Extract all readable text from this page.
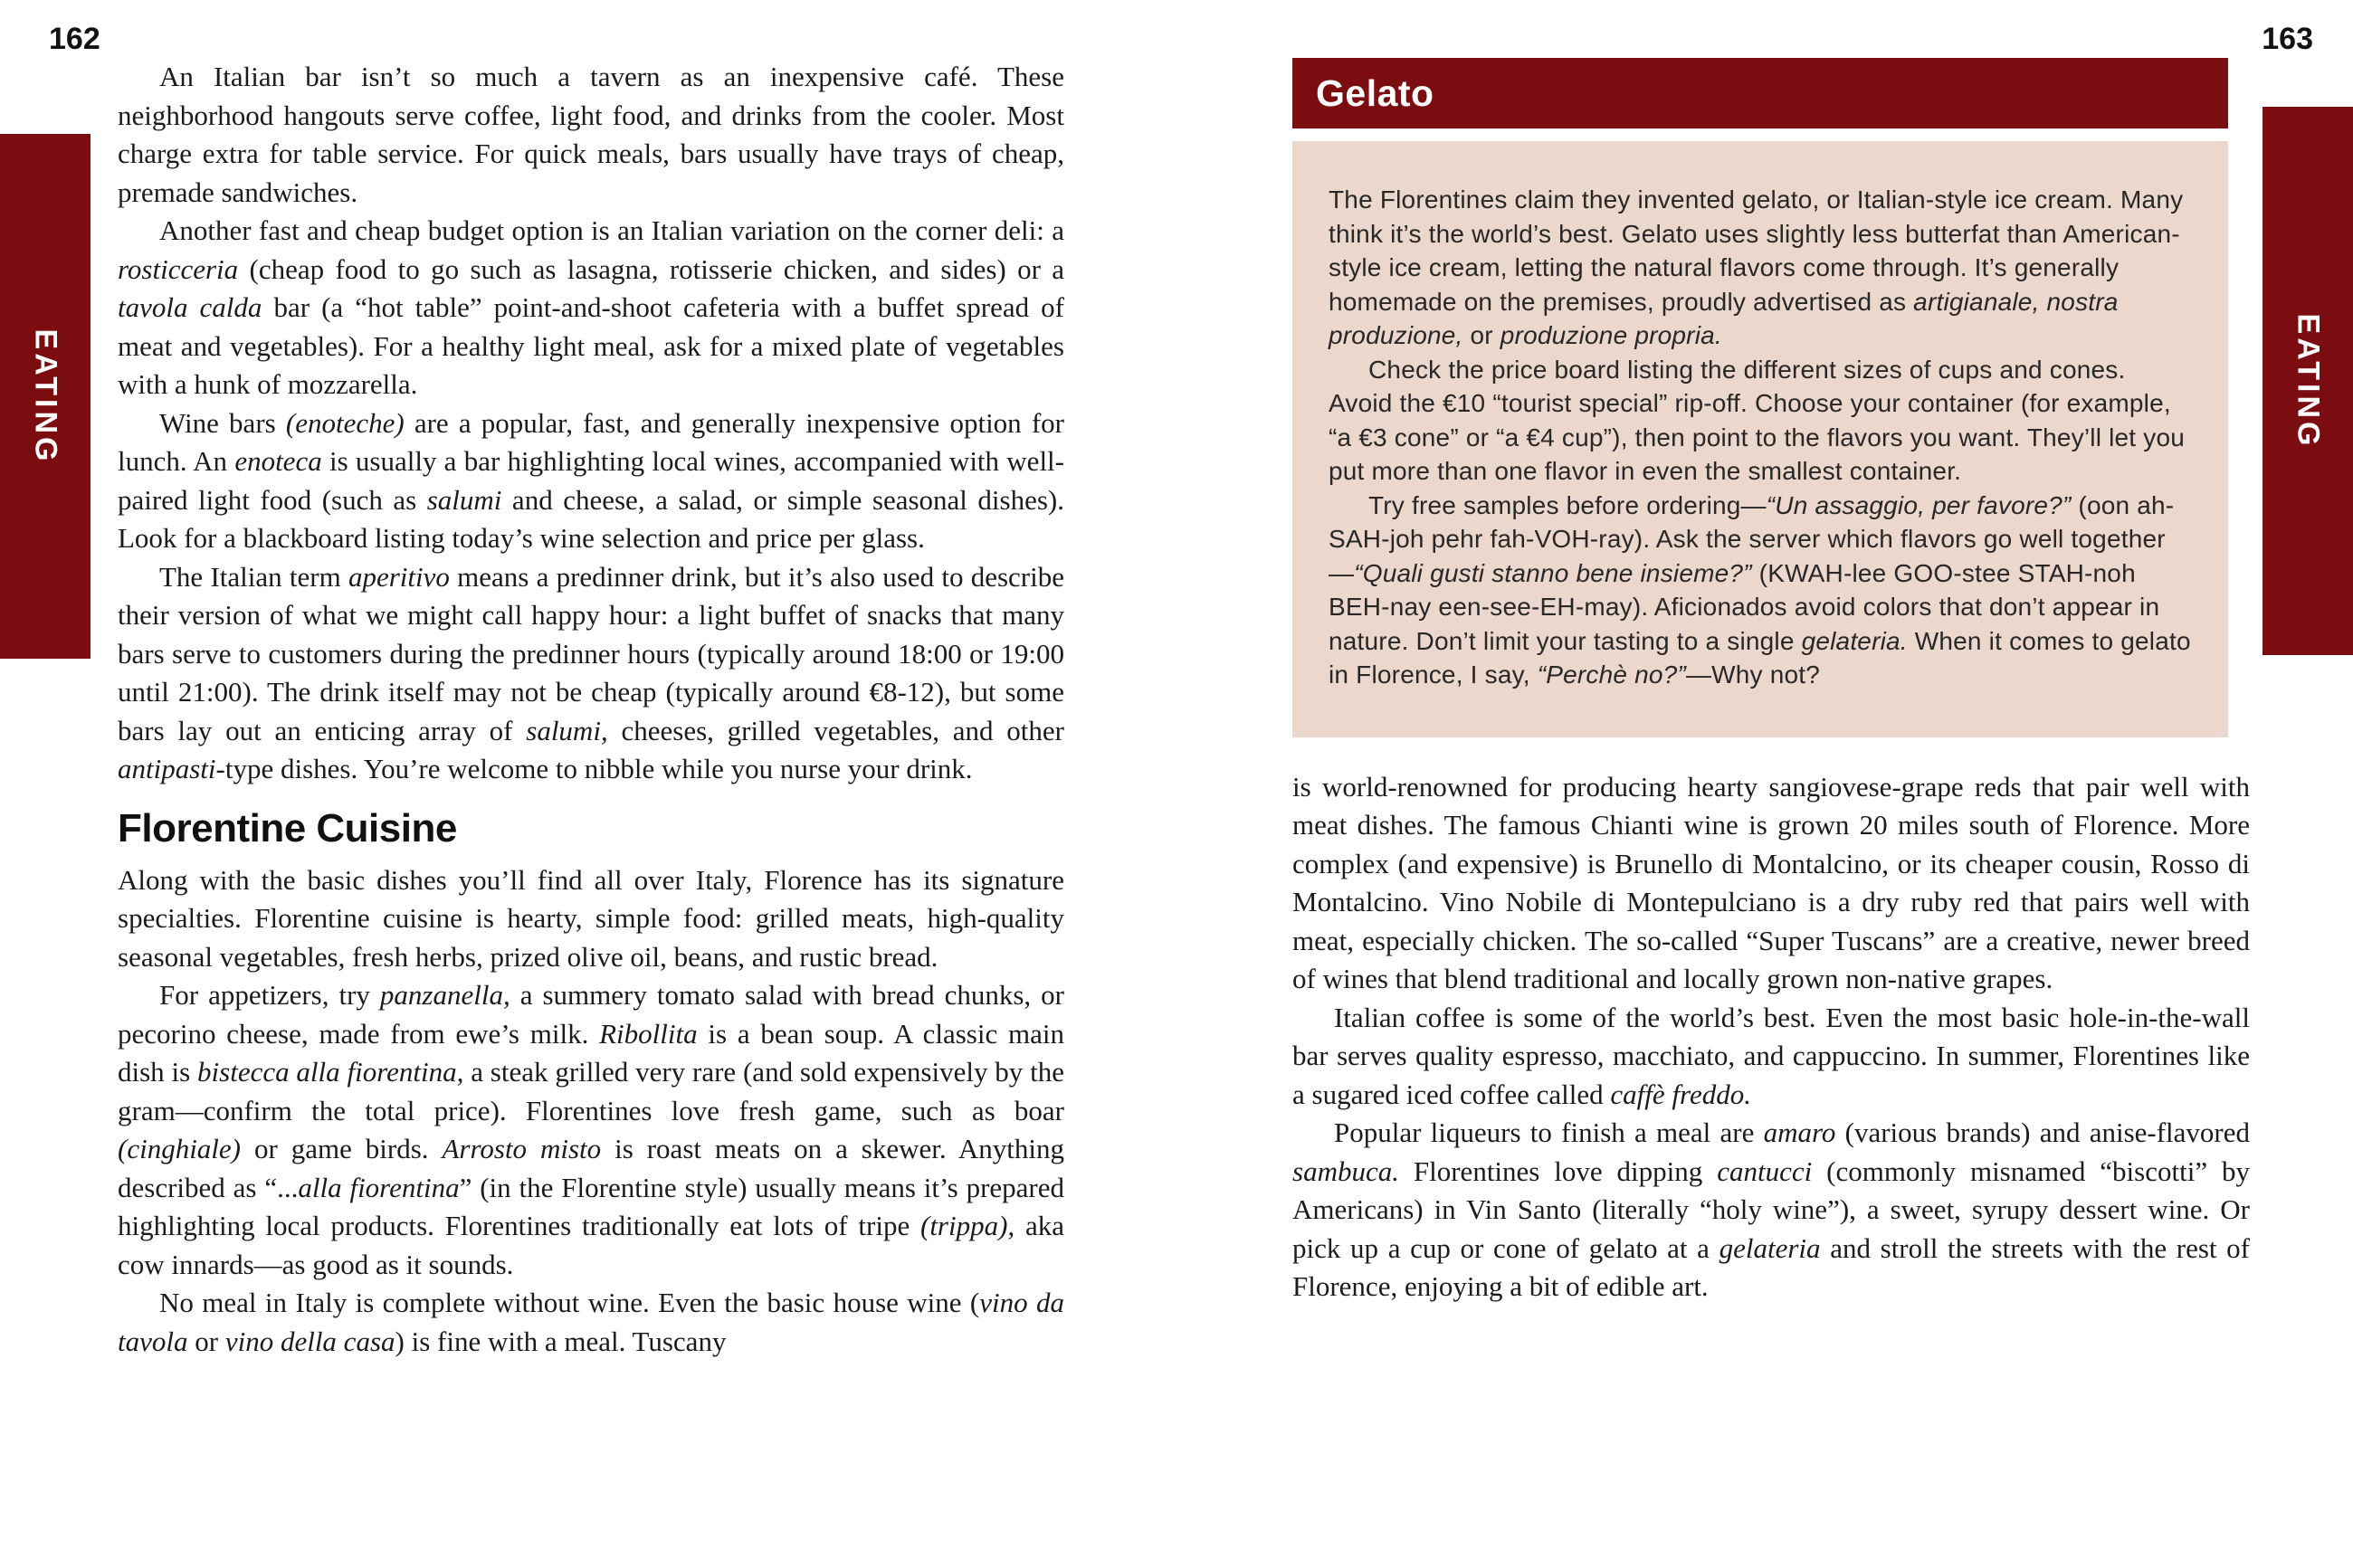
162	163
EATING	EATING

An Italian bar isn’t so much a tavern as an inexpensive café. These neighborhood hangouts serve coffee, light food, and drinks from the cooler. Most charge extra for table service. For quick meals, bars usually have trays of cheap, premade sandwiches.

Another fast and cheap budget option is an Italian variation on the corner deli: a rosticceria (cheap food to go such as lasagna, rotisserie chicken, and sides) or a tavola calda bar (a “hot table” point-and-shoot cafeteria with a buffet spread of meat and vegetables). For a healthy light meal, ask for a mixed plate of vegetables with a hunk of mozzarella.

Wine bars (enoteche) are a popular, fast, and generally inexpensive option for lunch. An enoteca is usually a bar highlighting local wines, accompanied with well-paired light food (such as salumi and cheese, a salad, or simple seasonal dishes). Look for a blackboard listing today’s wine selection and price per glass.

The Italian term aperitivo means a predinner drink, but it’s also used to describe their version of what we might call happy hour: a light buffet of snacks that many bars serve to customers during the predinner hours (typically around 18:00 or 19:00 until 21:00). The drink itself may not be cheap (typically around €8-12), but some bars lay out an enticing array of salumi, cheeses, grilled vegetables, and other antipasti-type dishes. You’re welcome to nibble while you nurse your drink.

Florentine Cuisine

Along with the basic dishes you’ll find all over Italy, Florence has its signature specialties. Florentine cuisine is hearty, simple food: grilled meats, high-quality seasonal vegetables, fresh herbs, prized olive oil, beans, and rustic bread.

For appetizers, try panzanella, a summery tomato salad with bread chunks, or pecorino cheese, made from ewe’s milk. Ribollita is a bean soup. A classic main dish is bistecca alla fiorentina, a steak grilled very rare (and sold expensively by the gram—confirm the total price). Florentines love fresh game, such as boar (cinghiale) or game birds. Arrosto misto is roast meats on a skewer. Anything described as “...alla fiorentina” (in the Florentine style) usually means it’s prepared highlighting local products. Florentines traditionally eat lots of tripe (trippa), aka cow innards—as good as it sounds.

No meal in Italy is complete without wine. Even the basic house wine (vino da tavola or vino della casa) is fine with a meal. Tuscany

Gelato

The Florentines claim they invented gelato, or Italian-style ice cream. Many think it’s the world’s best. Gelato uses slightly less butterfat than American-style ice cream, letting the natural flavors come through. It’s generally homemade on the premises, proudly advertised as artigianale, nostra produzione, or produzione propria.

Check the price board listing the different sizes of cups and cones. Avoid the €10 “tourist special” rip-off. Choose your container (for example, “a €3 cone” or “a €4 cup”), then point to the flavors you want. They’ll let you put more than one flavor in even the smallest container.

Try free samples before ordering—“Un assaggio, per favore?” (oon ah-SAH-joh pehr fah-VOH-ray). Ask the server which flavors go well together—“Quali gusti stanno bene insieme?” (KWAH-lee GOO-stee STAH-noh BEH-nay een-see-EH-may). Aficionados avoid colors that don’t appear in nature. Don’t limit your tasting to a single gelateria. When it comes to gelato in Florence, I say, “Perchè no?”—Why not?

is world-renowned for producing hearty sangiovese-grape reds that pair well with meat dishes. The famous Chianti wine is grown 20 miles south of Florence. More complex (and expensive) is Brunello di Montalcino, or its cheaper cousin, Rosso di Montalcino. Vino Nobile di Montepulciano is a dry ruby red that pairs well with meat, especially chicken. The so-called “Super Tuscans” are a creative, newer breed of wines that blend traditional and locally grown non-native grapes.

Italian coffee is some of the world’s best. Even the most basic hole-in-the-wall bar serves quality espresso, macchiato, and cappuccino. In summer, Florentines like a sugared iced coffee called caffè freddo.

Popular liqueurs to finish a meal are amaro (various brands) and anise-flavored sambuca. Florentines love dipping cantucci (commonly misnamed “biscotti” by Americans) in Vin Santo (literally “holy wine”), a sweet, syrupy dessert wine. Or pick up a cup or cone of gelato at a gelateria and stroll the streets with the rest of Florence, enjoying a bit of edible art.
